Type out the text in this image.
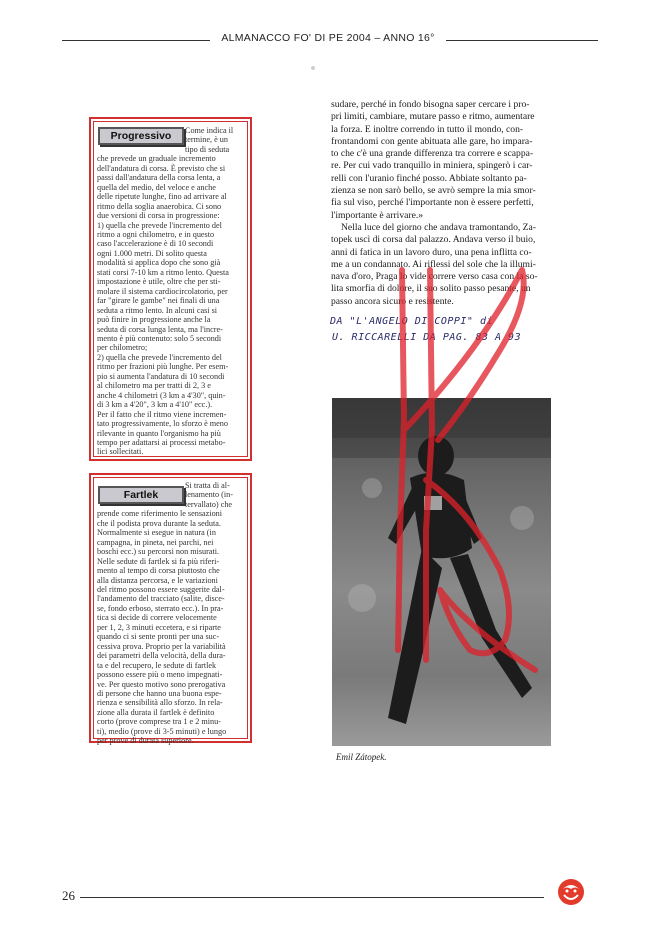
ALMANACCO FO' DI PE 2004 – ANNO 16°
Progressivo	Come indica il
termine, è un
tipo di seduta
che prevede un graduale incremento
dell'andatura di corsa. È previsto che si
passi dall'andatura della corsa lenta, a
quella del medio, del veloce e anche
delle ripetute lunghe, fino ad arrivare al
ritmo della soglia anaerobica. Ci sono
due versioni di corsa in progressione:
1) quella che prevede l'incremento del
ritmo a ogni chilometro, e in questo
caso l'accelerazione è di 10 secondi
ogni 1.000 metri. Di solito questa
modalità si applica dopo che sono già
stati corsi 7-10 km a ritmo lento. Questa
impostazione è utile, oltre che per sti-
molare il sistema cardiocircolatorio, per
far "girare le gambe" nei finali di una
seduta a ritmo lento. In alcuni casi si
può finire in progressione anche la
seduta di corsa lunga lenta, ma l'incre-
mento è più contenuto: solo 5 secondi
per chilometro;
2) quella che prevede l'incremento del
ritmo per frazioni più lunghe. Per esem-
pio si aumenta l'andatura di 10 secondi
al chilometro ma per tratti di 2, 3 e
anche 4 chilometri (3 km a 4'30", quin-
di 3 km a 4'20", 3 km a 4'10" ecc.).
Per il fatto che il ritmo viene incremen-
tato progressivamente, lo sforzo è meno
rilevante in quanto l'organismo ha più
tempo per adattarsi ai processi metabo-
lici sollecitati.
Fartlek
Si tratta di al-
lenamento (in-
tervallato) che
prende come riferimento le sensazioni
che il podista prova durante la seduta.
Normalmente si esegue in natura (in
campagna, in pineta, nei parchi, nei
boschi ecc.) su percorsi non misurati.
Nelle sedute di fartlek si fa più riferi-
mento al tempo di corsa piuttosto che
alla distanza percorsa, e le variazioni
del ritmo possono essere suggerite dal-
l'andamento del tracciato (salite, disce-
se, fondo erboso, sterrato ecc.). In pra-
tica si decide di correre velocemente
per 1, 2, 3 minuti eccetera, e si riparte
quando ci si sente pronti per una suc-
cessiva prova. Proprio per la variabilità
dei parametri della velocità, della dura-
ta e del recupero, le sedute di fartlek
possono essere più o meno impegnati-
ve. Per questo motivo sono prerogativa
di persone che hanno una buona espe-
rienza e sensibilità allo sforzo. In rela-
zione alla durata il fartlek è definito
corto (prove comprese tra 1 e 2 minu-
ti), medio (prove di 3-5 minuti) e lungo
per prove di durata superiore.
sudare, perché in fondo bisogna saper cercare i pro-
pri limiti, cambiare, mutare passo e ritmo, aumentare
la forza. E inoltre correndo in tutto il mondo, con-
frontandomi con gente abituata alle gare, ho impara-
to che c'è una grande differenza tra correre e scappa-
re. Per cui vado tranquillo in miniera, spingerò i car-
relli con l'uranio finché posso. Abbiate soltanto pa-
zienza se non sarò bello, se avrò sempre la mia smor-
fia sul viso, perché l'importante non è essere perfetti,
l'importante è arrivare.»
Nella luce del giorno che andava tramontando, Za-
topek uscì di corsa dal palazzo. Andava verso il buio,
anni di fatica in un lavoro duro, una pena inflitta co-
me a un condannato. Ai riflessi del sole che la illumi-
nava d'oro, Praga lo vide correre verso casa con la so-
lita smorfia di dolore, il suo solito passo pesante, un
passo ancora sicuro e resistente.
DA "L'ANGELO DI COPPI" di
U. RICCARELLI DA PAG. 83 A 93
Emil Zátopek.
26
